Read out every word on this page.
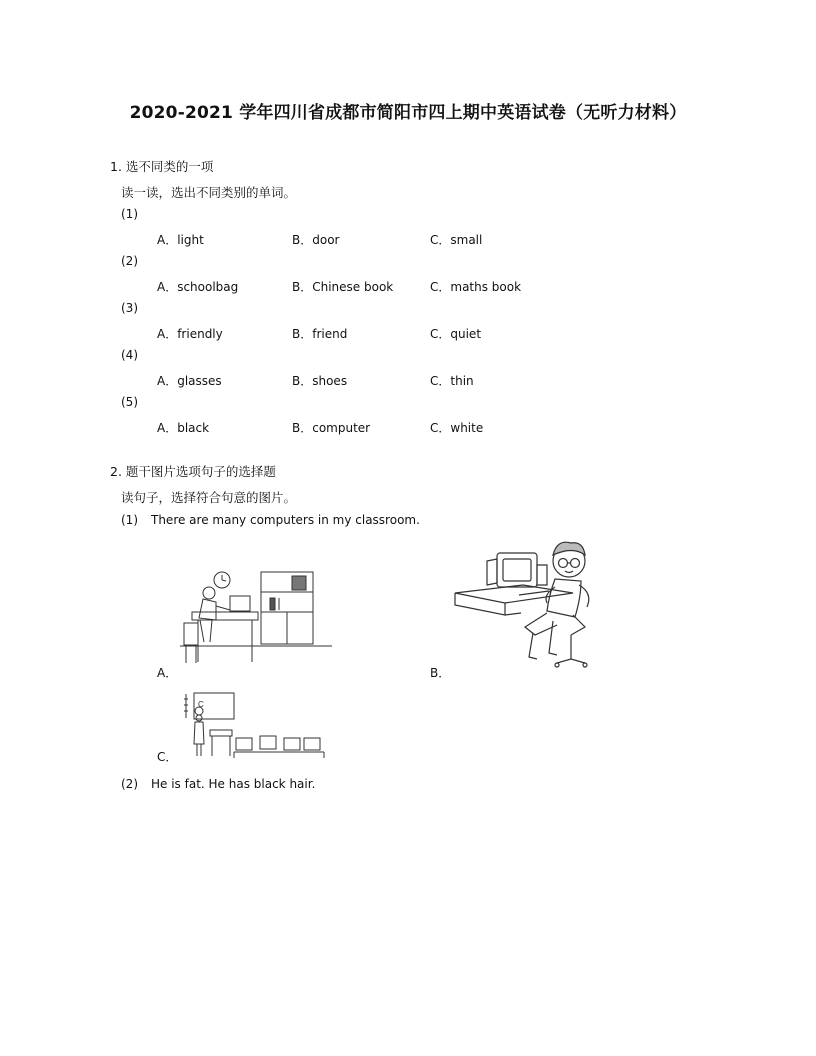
2020-2021 学年四川省成都市简阳市四上期中英语试卷（无听力材料）
1. 选不同类的一项
读一读，选出不同类别的单词。
(1)
A．light	B．door	C．small
(2)
A．schoolbag	B．Chinese book	C．maths book
(3)
A．friendly	B．friend	C．quiet
(4)
A．glasses	B．shoes	C．thin
(5)
A．black	B．computer	C．white
2. 题干图片选项句子的选择题
读句子，选择符合句意的图片。
(1) There are many computers in my classroom.
A．	B．
C
C．
(2) He is fat. He has black hair.
